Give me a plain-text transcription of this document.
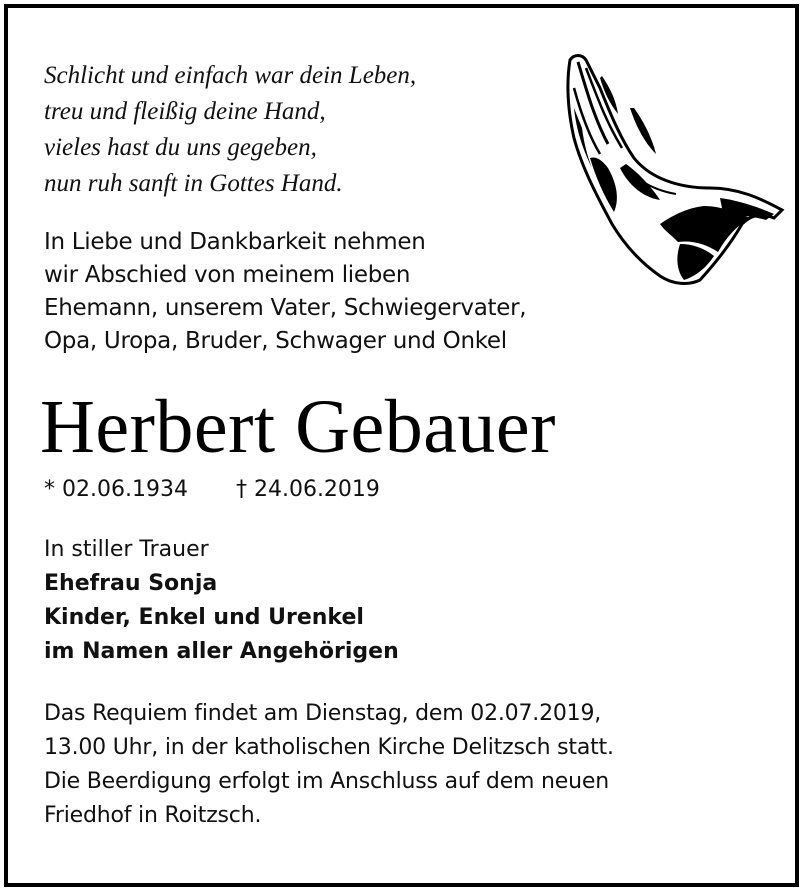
Schlicht und einfach war dein Leben,
treu und fleißig deine Hand,
vieles hast du uns gegeben,
nun ruh sanft in Gottes Hand.

In Liebe und Dankbarkeit nehmen
wir Abschied von meinem lieben
Ehemann, unserem Vater, Schwiegervater,
Opa, Uropa, Bruder, Schwager und Onkel

Herbert Gebauer

* 02.06.1934 † 24.06.2019

In stiller Trauer
Ehefrau Sonja
Kinder, Enkel und Urenkel
im Namen aller Angehörigen

Das Requiem findet am Dienstag, dem 02.07.2019,
13.00 Uhr, in der katholischen Kirche Delitzsch statt.
Die Beerdigung erfolgt im Anschluss auf dem neuen
Friedhof in Roitzsch.
